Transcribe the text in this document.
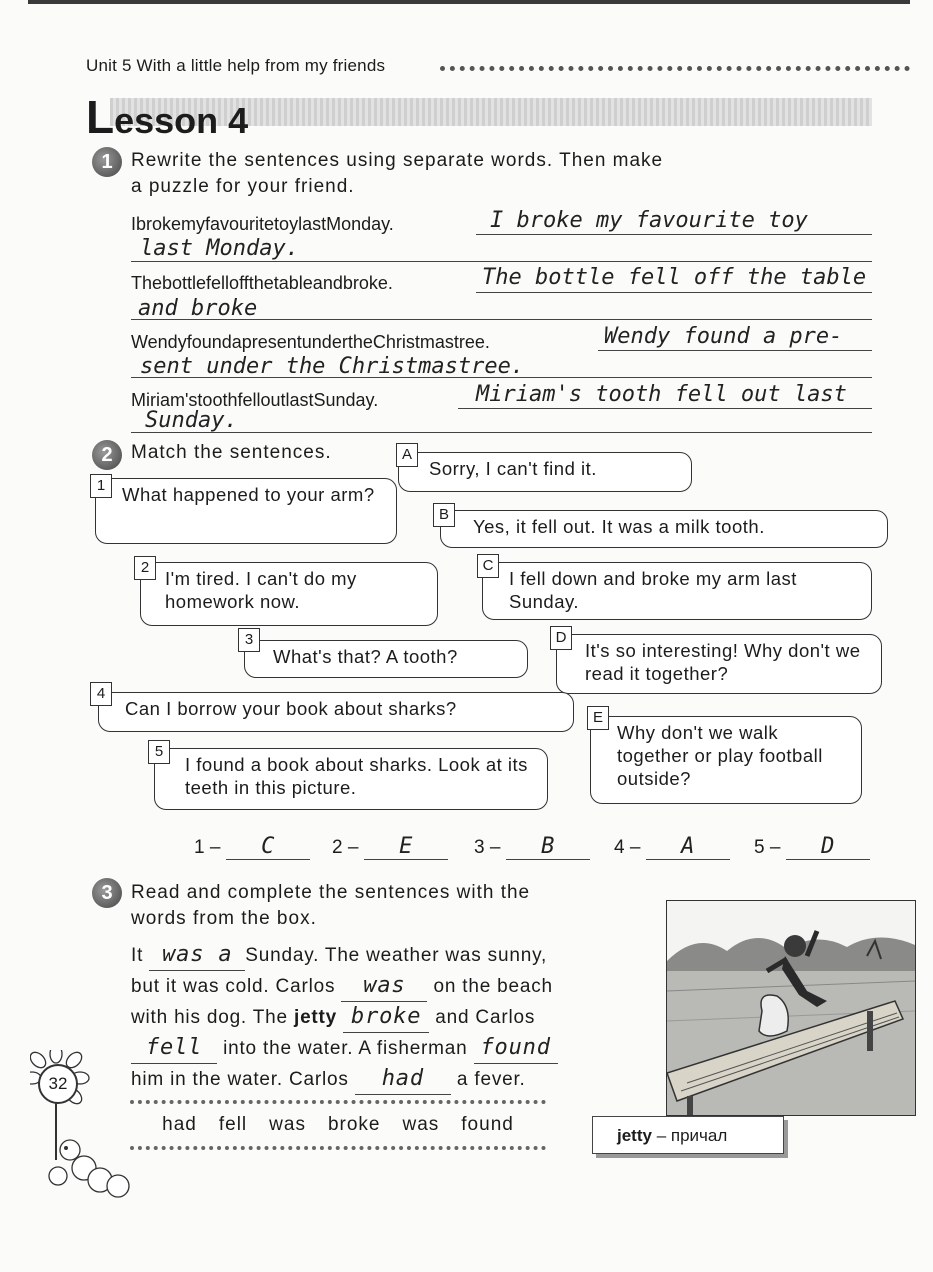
Unit 5 With a little help from my friends
Lesson 4
1 Rewrite the sentences using separate words. Then make
a puzzle for your friend.
IbrokemyfavouritetoylastMonday.	I broke my favourite toy
last Monday.
Thebottlefelloffthetableandbroke.	The bottle fell off the table
and broke
WendyfoundapresentundertheChristmastree.	Wendy found a pre-
sent under the Christmastree.
Miriam'stoothfelloutlastSunday.	Miriam's tooth fell out last
Sunday.
2 Match the sentences.
Sorry, I can't find it.
A
What happened to your arm?
1
Yes, it fell out. It was a milk tooth.
B
I'm tired. I can't do my homework now.
2
I fell down and broke my arm last Sunday.
C
What's that? A tooth?
3
It's so interesting! Why don't we read it together?
D
Can I borrow your book about sharks?
4
Why don't we walk together or play football outside?
E
I found a book about sharks. Look at its teeth in this picture.
5
1 – C	2 – E	3 – B	4 – A	5 – D
3 Read and complete the sentences with the
words from the box.
It was a Sunday. The weather was sunny,
but it was cold. Carlos was on the beach
with his dog. The jetty broke and Carlos
fell into the water. A fisherman found
him in the water. Carlos had a fever.
had fell was broke was found
jetty – причал
32
